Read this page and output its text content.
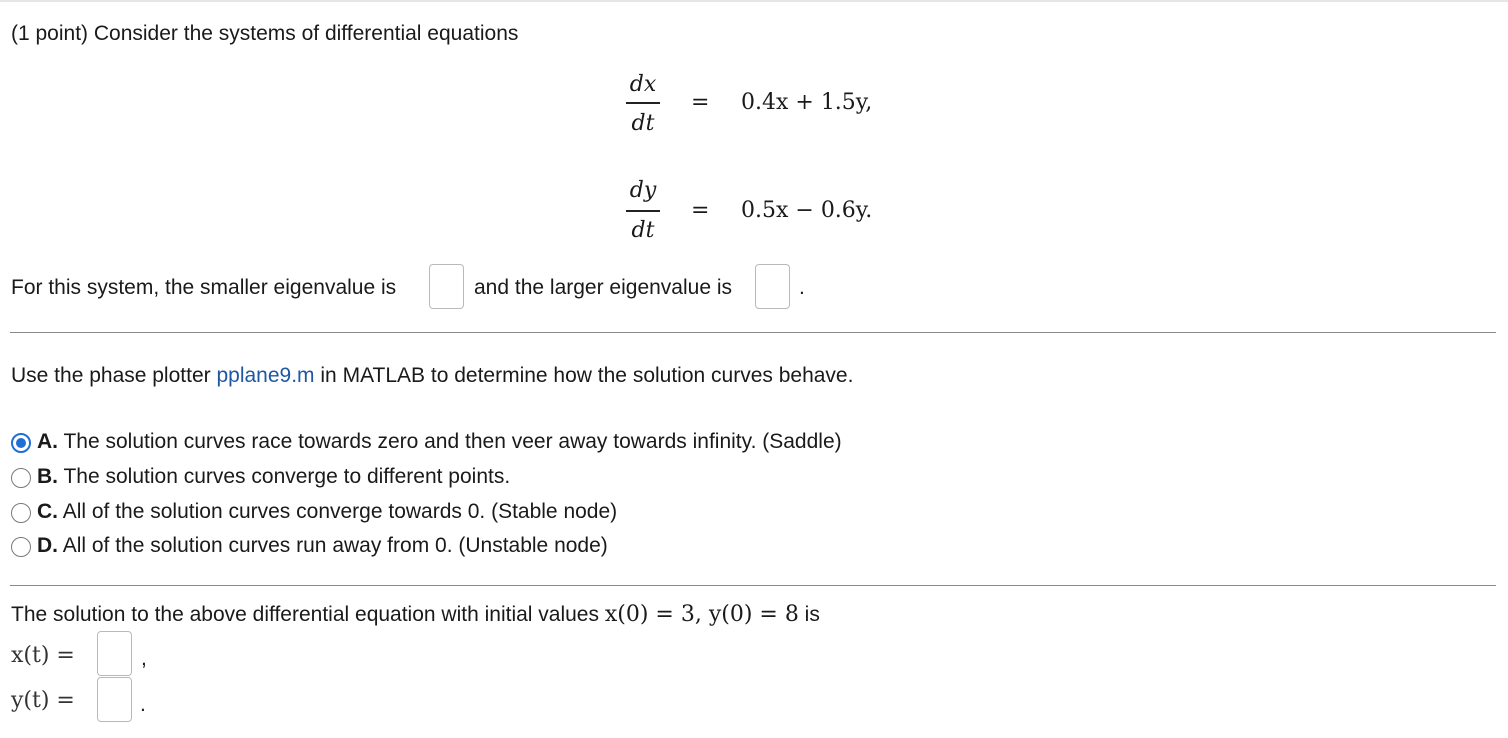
(1 point) Consider the systems of differential equations
dx
dt
= 0.4x + 1.5y,
dy
dt
= 0.5x − 0.6y.
For this system, the smaller eigenvalue is	and the larger eigenvalue is	.
Use the phase plotter pplane9.m in MATLAB to determine how the solution curves behave.
A. The solution curves race towards zero and then veer away towards infinity. (Saddle)
B. The solution curves converge to different points.
C. All of the solution curves converge towards 0. (Stable node)
D. All of the solution curves run away from 0. (Unstable node)
The solution to the above differential equation with initial values x(0) = 3, y(0) = 8 is
x(t) =	,
y(t) =	.
